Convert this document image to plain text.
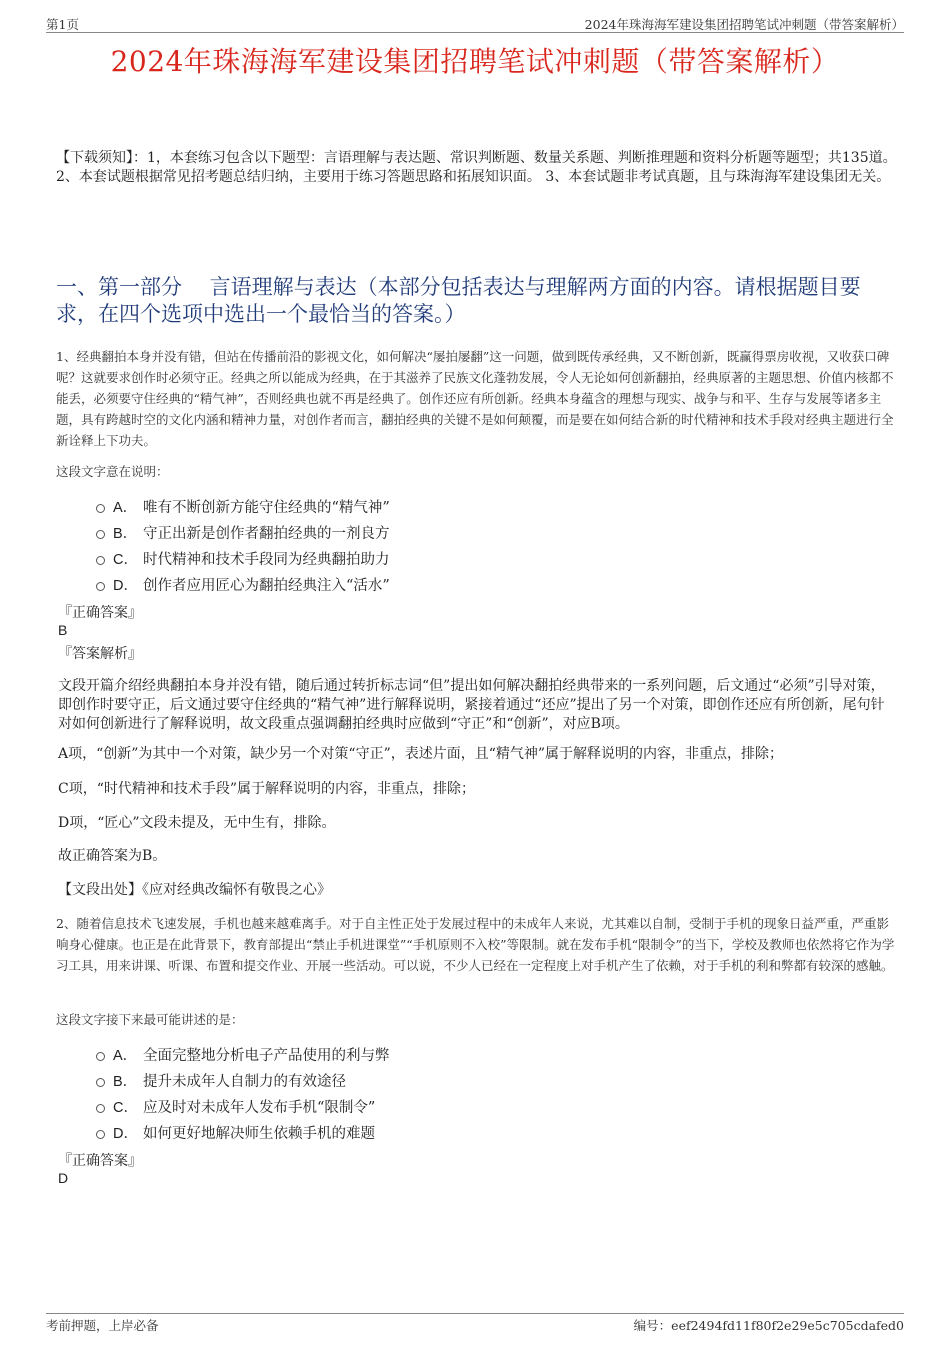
第1页	2024年珠海海军建设集团招聘笔试冲刺题（带答案解析）
2024年珠海海军建设集团招聘笔试冲刺题（带答案解析）
【下载须知】：1，本套练习包含以下题型：言语理解与表达题、常识判断题、数量关系题、判断推理题和资料分析题等题型；共135道。 2、本套试题根据常见招考题总结归纳，主要用于练习答题思路和拓展知识面。 3、本套试题非考试真题，且与珠海海军建设集团无关。
一、第一部分　 言语理解与表达（本部分包括表达与理解两方面的内容。请根据题目要求，在四个选项中选出一个最恰当的答案。）
1、经典翻拍本身并没有错，但站在传播前沿的影视文化，如何解决“屡拍屡翻”这一问题，做到既传承经典，又不断创新，既赢得票房收视，又收获口碑呢？这就要求创作时必须守正。经典之所以能成为经典，在于其滋养了民族文化蓬勃发展，令人无论如何创新翻拍，经典原著的主题思想、价值内核都不能丢，必须要守住经典的“精气神”，否则经典也就不再是经典了。创作还应有所创新。经典本身蕴含的理想与现实、战争与和平、生存与发展等诸多主题，具有跨越时空的文化内涵和精神力量，对创作者而言，翻拍经典的关键不是如何颠覆，而是要在如何结合新的时代精神和技术手段对经典主题进行全新诠释上下功夫。
这段文字意在说明：
A． 唯有不断创新方能守住经典的“精气神”
B． 守正出新是创作者翻拍经典的一剂良方
C． 时代精神和技术手段同为经典翻拍助力
D． 创作者应用匠心为翻拍经典注入“活水”
『正确答案』
B
『答案解析』
文段开篇介绍经典翻拍本身并没有错，随后通过转折标志词“但”提出如何解决翻拍经典带来的一系列问题，后文通过“必须”引导对策，即创作时要守正，后文通过要守住经典的“精气神”进行解释说明，紧接着通过“还应”提出了另一个对策，即创作还应有所创新，尾句针对如何创新进行了解释说明，故文段重点强调翻拍经典时应做到“守正”和“创新”，对应B项。
A项，“创新”为其中一个对策，缺少另一个对策“守正”，表述片面，且“精气神”属于解释说明的内容，非重点，排除；
C项，“时代精神和技术手段”属于解释说明的内容，非重点，排除；
D项，“匠心”文段未提及，无中生有，排除。
故正确答案为B。
【文段出处】《应对经典改编怀有敬畏之心》
2、随着信息技术飞速发展，手机也越来越难离手。对于自主性正处于发展过程中的未成年人来说，尤其难以自制，受制于手机的现象日益严重，严重影响身心健康。也正是在此背景下，教育部提出“禁止手机进课堂”“手机原则不入校”等限制。就在发布手机“限制令”的当下，学校及教师也依然将它作为学习工具，用来讲课、听课、布置和提交作业、开展一些活动。可以说，不少人已经在一定程度上对手机产生了依赖，对于手机的利和弊都有较深的感触。
这段文字接下来最可能讲述的是：
A． 全面完整地分析电子产品使用的利与弊
B． 提升未成年人自制力的有效途径
C． 应及时对未成年人发布手机“限制令”
D． 如何更好地解决师生依赖手机的难题
『正确答案』
D
考前押题，上岸必备	编号：eef2494fd11f80f2e29e5c705cdafed0
